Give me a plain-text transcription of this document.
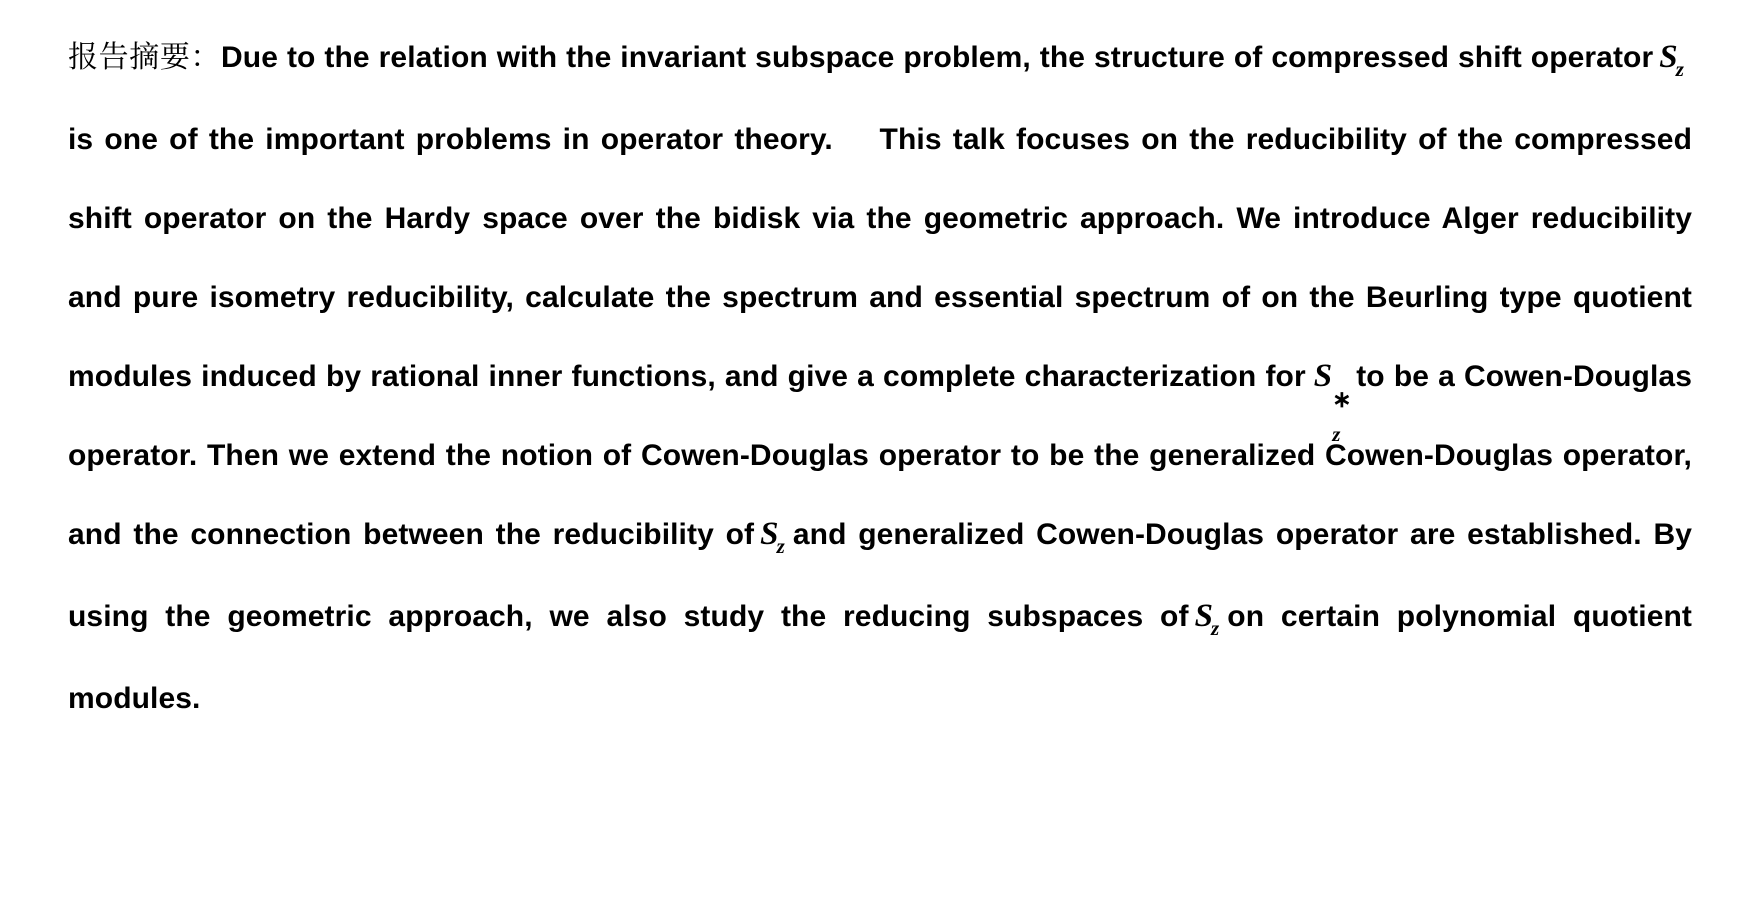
报告摘要：Due to the relation with the invariant subspace problem, the structure of compressed shift operator $S_zis$ one of the important problems in operator theory.　 This talk focuses on the reducibility of the compressed shift operator on the Hardy space over the bidisk via the geometric approach. We introduce Alger reducibility and pure isometry reducibility, calculate the spectrum and essential spectrum of on the Beurling type quotient modules induced by rational inner functions, and give a complete characterization for S
∗
z
to be a Cowen-Douglas operator. Then we extend the notion of Cowen-Douglas operator to be the generalized Cowen-Douglas operator, and the connection between the reducibility of $S_z$ and generalized Cowen-Douglas operator are established. By using the geometric approach, we also study the reducing subspaces of $S_z$ on certain polynomial quotient modules.
